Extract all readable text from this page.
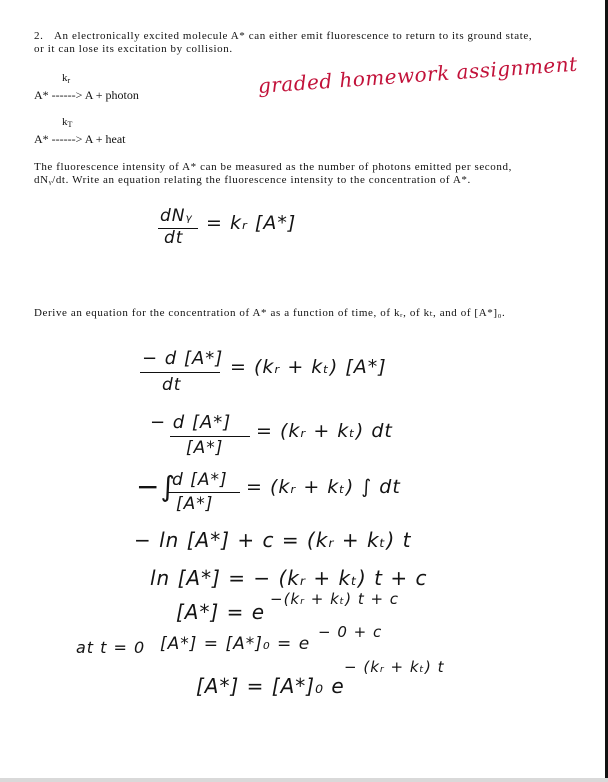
2. An electronically excited molecule A* can either emit fluorescence to return to its ground state,
or it can lose its excitation by collision.
$k_r$
A* ------> A + photon	graded homework assignment
$k_T$
A* ------> A + heat
The fluorescence intensity of A* can be measured as the number of photons emitted per second,
dNᵧ/dt. Write an equation relating the fluorescence intensity to the concentration of A*.
dNᵧ
dt
= kᵣ [A*]
Derive an equation for the concentration of A* as a function of time, of kᵣ, of kₜ, and of [A*]₀.
− d [A*]
dt
= (kᵣ + kₜ) [A*]
− d [A*]
[A*]
= (kᵣ + kₜ) dt
−∫
d [A*]
[A*]
= (kᵣ + kₜ) ∫ dt
− ln [A*] + c = (kᵣ + kₜ) t
ln [A*] = − (kᵣ + kₜ) t + c
[A*] = e
−(kᵣ + kₜ) t + c
at t = 0 [A*] = [A*]₀ = e
− 0 + c
[A*] = [A*]₀ e
− (kᵣ + kₜ) t
